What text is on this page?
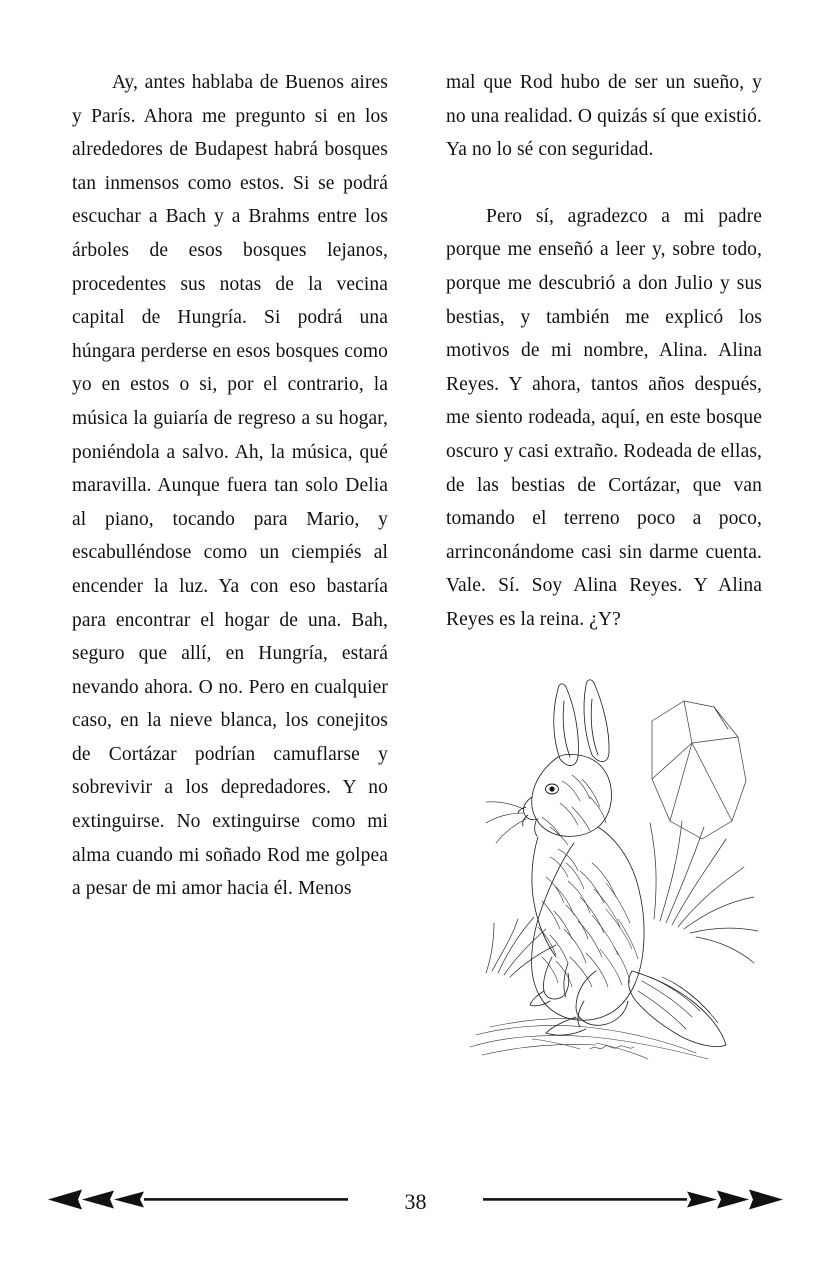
Ay, antes hablaba de Buenos aires y París. Ahora me pregunto si en los alrededores de Budapest habrá bosques tan inmensos como estos. Si se podrá escuchar a Bach y a Brahms entre los árboles de esos bosques lejanos, procedentes sus notas de la vecina capital de Hungría. Si podrá una húngara perderse en esos bosques como yo en estos o si, por el contrario, la música la guiaría de regreso a su hogar, poniéndola a salvo. Ah, la música, qué maravilla. Aunque fuera tan solo Delia al piano, tocando para Mario, y escabulléndose como un ciempiés al encender la luz. Ya con eso bastaría para encontrar el hogar de una. Bah, seguro que allí, en Hungría, estará nevando ahora. O no. Pero en cualquier caso, en la nieve blanca, los conejitos de Cortázar podrían camuflarse y sobrevivir a los depredadores. Y no extinguirse. No extinguirse como mi alma cuando mi soñado Rod me golpea a pesar de mi amor hacia él. Menos

mal que Rod hubo de ser un sueño, y no una realidad. O quizás sí que existió. Ya no lo sé con seguridad.

Pero sí, agradezco a mi padre porque me enseñó a leer y, sobre todo, porque me descubrió a don Julio y sus bestias, y también me explicó los motivos de mi nombre, Alina. Alina Reyes. Y ahora, tantos años después, me siento rodeada, aquí, en este bosque oscuro y casi extraño. Rodeada de ellas, de las bestias de Cortázar, que van tomando el terreno poco a poco, arrinconándome casi sin darme cuenta. Vale. Sí. Soy Alina Reyes. Y Alina Reyes es la reina. ¿Y?

38
